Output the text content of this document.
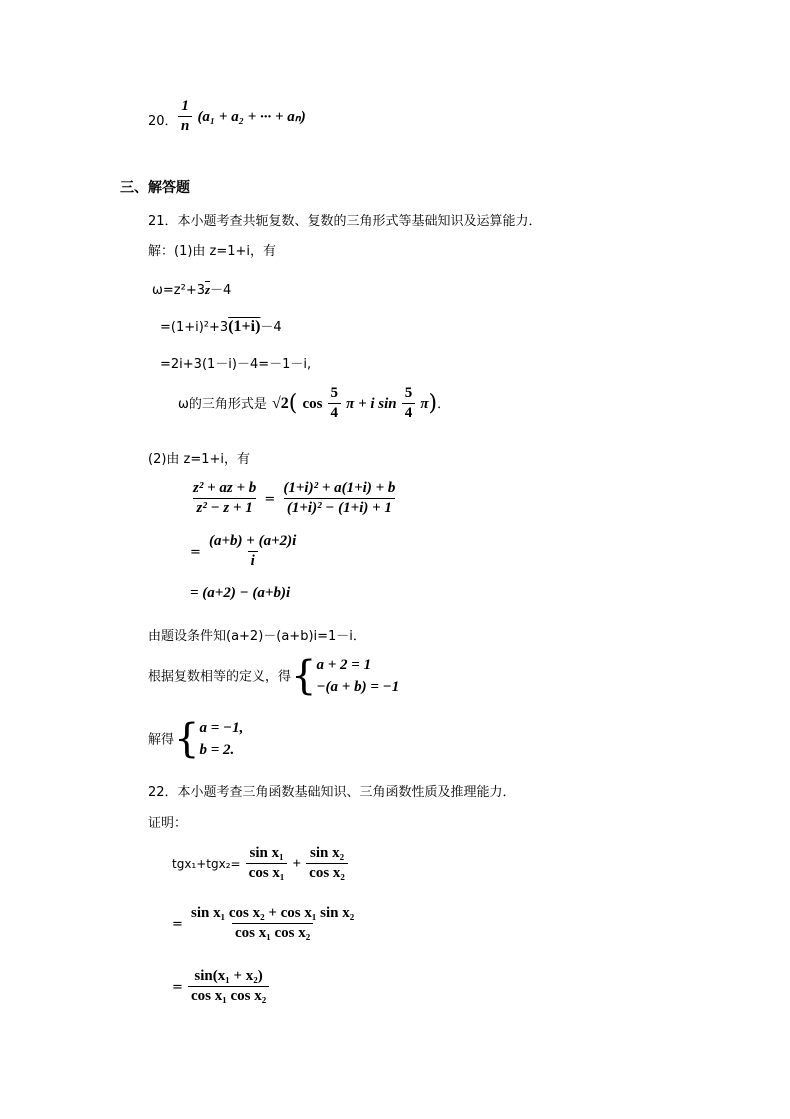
20． $\frac{1}{n} (a_1 + a_2$ + ··· + aₙ)
三、解答题
21．本小题考查共轭复数、复数的三角形式等基础知识及运算能力．
解：(1)由 z=1+i，有
$\omega=z^2+3\overline{z}-4$
=(1+i)²+3(1+i)－4
=2i+3(1－i)－4=－1－i,
ω的三角形式是 √2( $\cos \frac{5}{4}$ π + i $\sin \frac{5}{4} \pi$)．
(2)由 z=1+i，有
$\frac{\text{z² + az + b}}{\text{z² − z + 1}} = \frac{\text{(1+i)² + a(1+i) + b}}{\text{(1+i)² − (1+i) + 1}}$
= $\frac{(a+b) + (a+2)i}{i}$
= (a+2) − (a+b)i
由题设条件知(a+2)－(a+b)i=1－i．
根据复数相等的定义，得{ a + 2 = 1
−(a + b) = −1
解得{ a = −1,
b = 2.
22．本小题考查三角函数基础知识、三角函数性质及推理能力．
证明：
$tgx_1+tgx_2= \frac{\text{sin x₁}}{\text{cos x₁}} + \frac{\text{sin x₂}}{\text{cos x₂}}$
= $\frac{\text{sin x₁ cos x₂ + cos x₁ sin x₂}}{\text{cos x₁ cos x₂}}$
= $\frac{\text{sin(x₁ + x₂)}}{\text{cos x₁ cos x₂}}$
